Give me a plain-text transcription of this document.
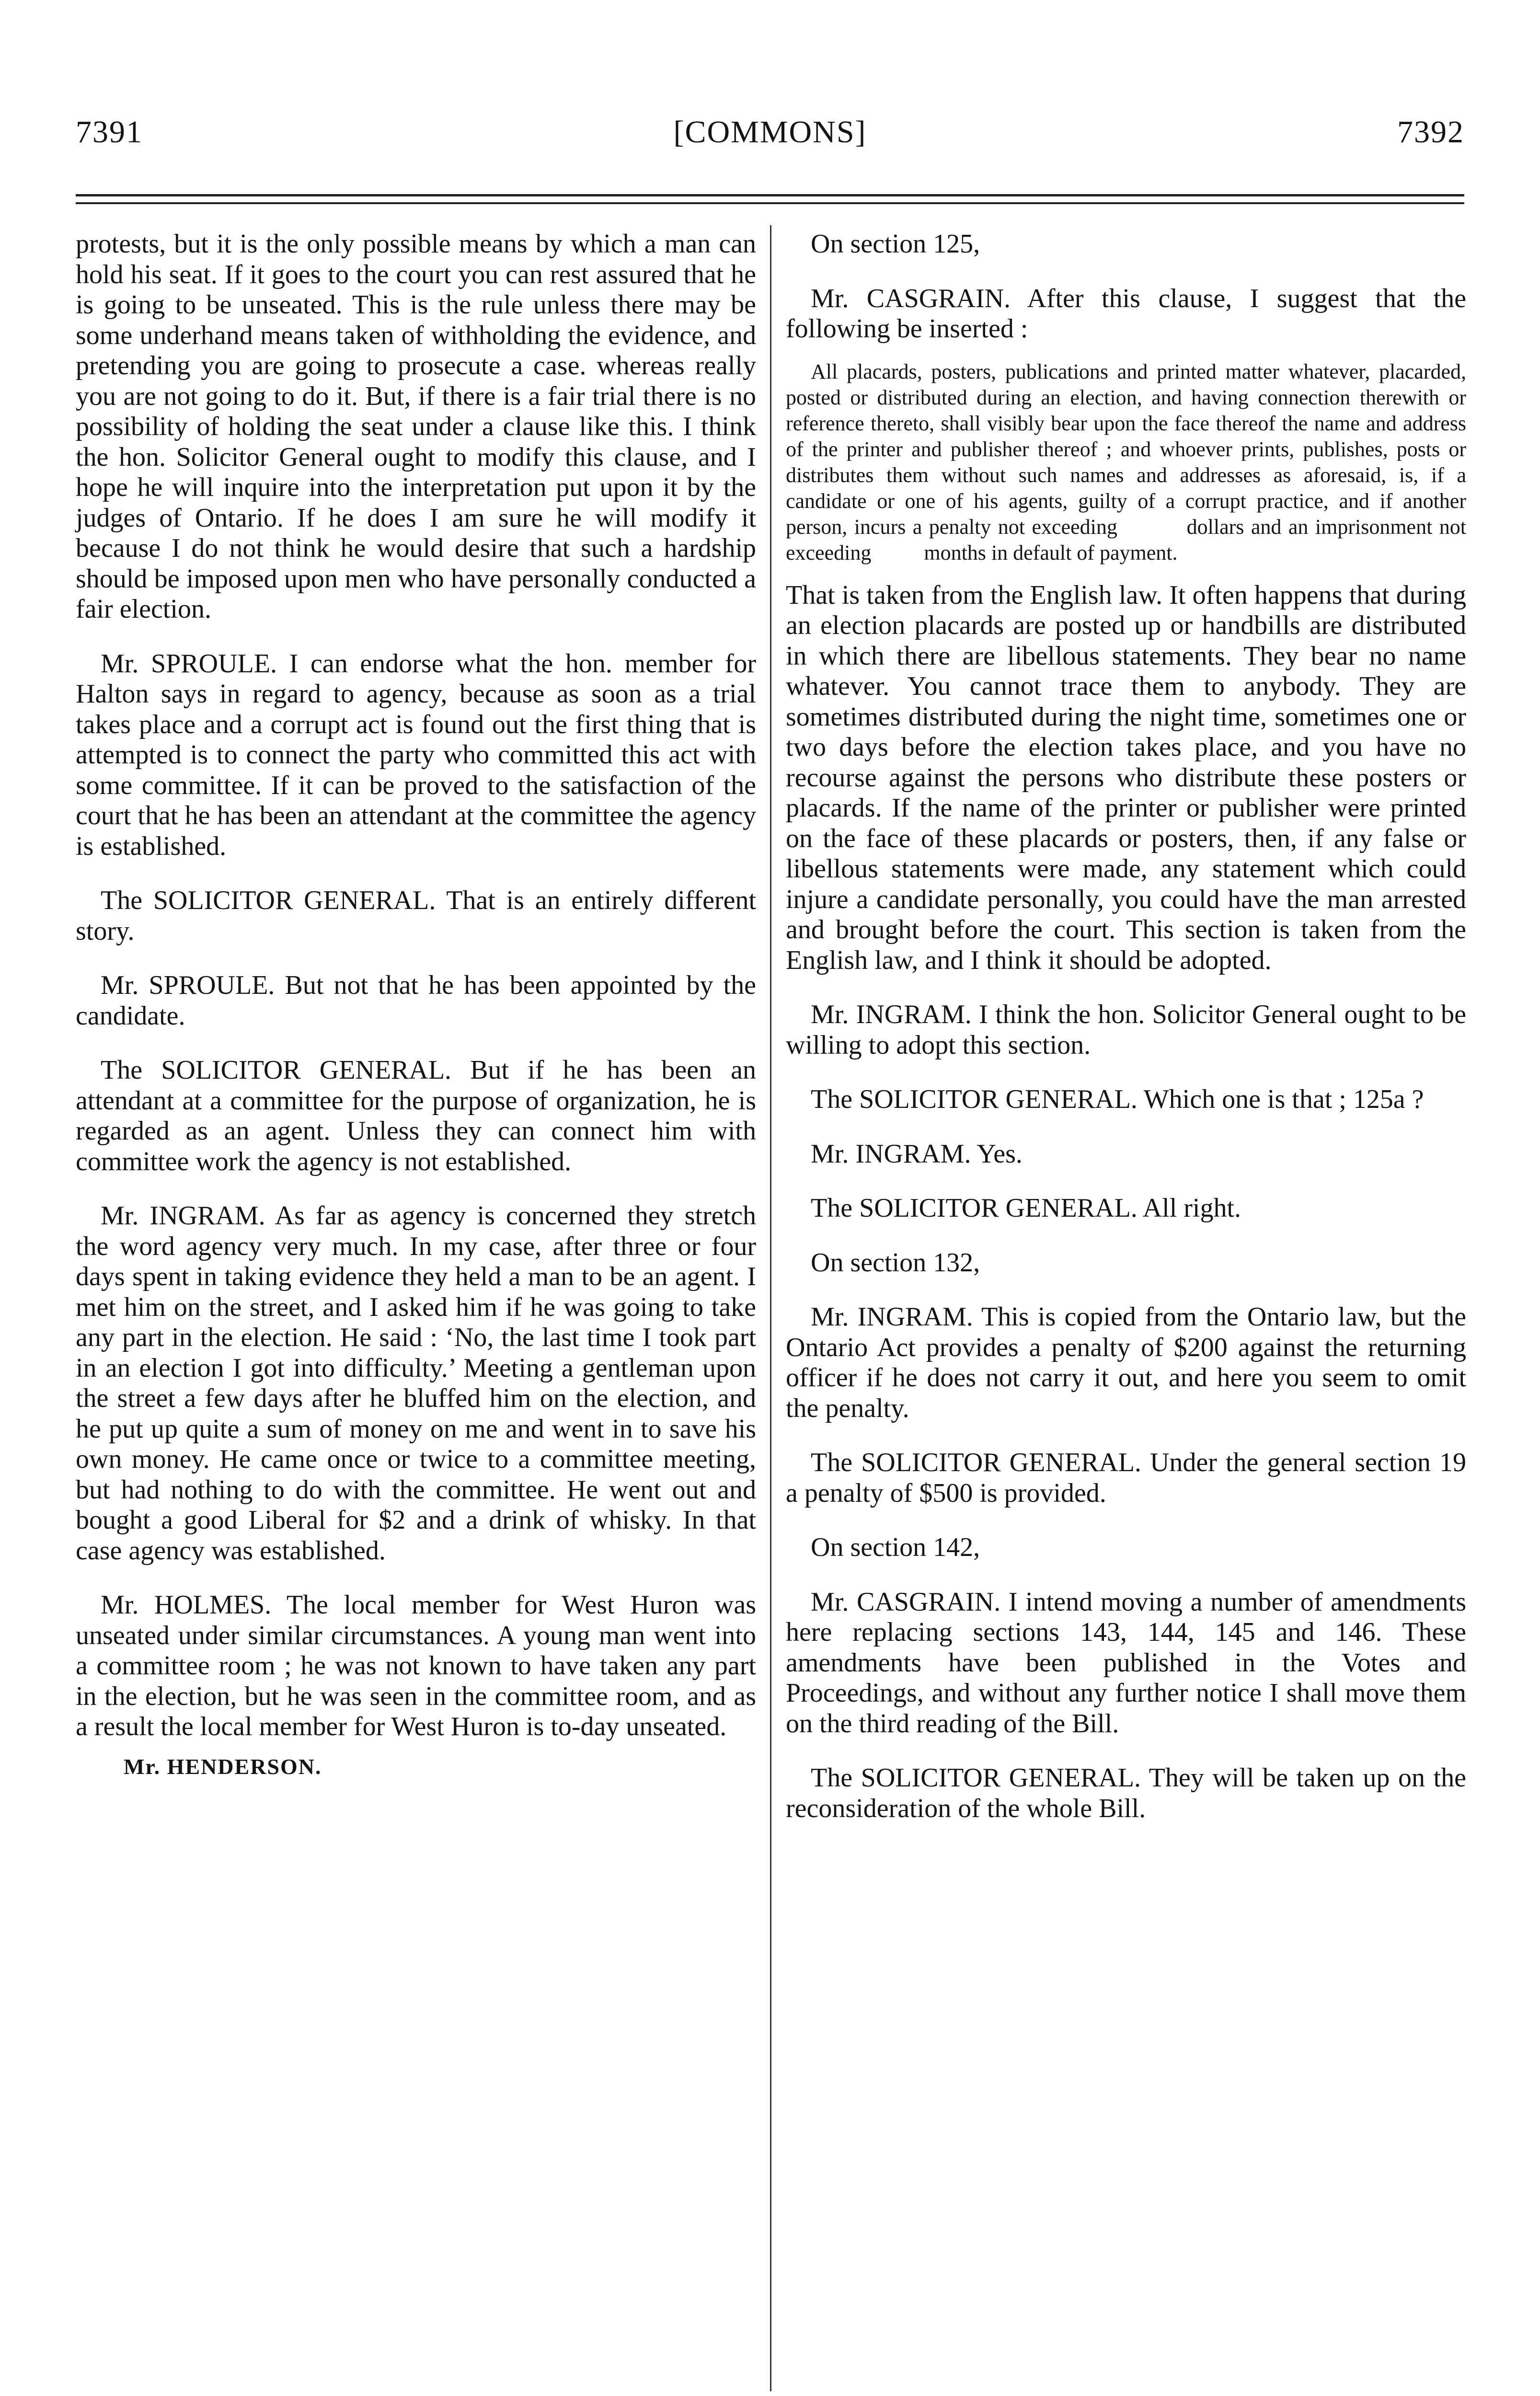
7391	[COMMONS]	7392

protests, but it is the only possible means by which a man can hold his seat. If it goes to the court you can rest assured that he is going to be unseated. This is the rule unless there may be some underhand means taken of withholding the evidence, and pretending you are going to prosecute a case. whereas really you are not going to do it. But, if there is a fair trial there is no possibility of holding the seat under a clause like this. I think the hon. Solicitor General ought to modify this clause, and I hope he will inquire into the interpretation put upon it by the judges of Ontario. If he does I am sure he will modify it because I do not think he would desire that such a hardship should be imposed upon men who have personally conducted a fair election.

Mr. SPROULE. I can endorse what the hon. member for Halton says in regard to agency, because as soon as a trial takes place and a corrupt act is found out the first thing that is attempted is to connect the party who committed this act with some committee. If it can be proved to the satisfaction of the court that he has been an attendant at the committee the agency is established.

The SOLICITOR GENERAL. That is an entirely different story.

Mr. SPROULE. But not that he has been appointed by the candidate.

The SOLICITOR GENERAL. But if he has been an attendant at a committee for the purpose of organization, he is regarded as an agent. Unless they can connect him with committee work the agency is not established.

Mr. INGRAM. As far as agency is concerned they stretch the word agency very much. In my case, after three or four days spent in taking evidence they held a man to be an agent. I met him on the street, and I asked him if he was going to take any part in the election. He said : ‘No, the last time I took part in an election I got into difficulty.’ Meeting a gentleman upon the street a few days after he bluffed him on the election, and he put up quite a sum of money on me and went in to save his own money. He came once or twice to a committee meeting, but had nothing to do with the committee. He went out and bought a good Liberal for $2 and a drink of whisky. In that case agency was established.

Mr. HOLMES. The local member for West Huron was unseated under similar circumstances. A young man went into a committee room ; he was not known to have taken any part in the election, but he was seen in the committee room, and as a result the local member for West Huron is to-day unseated.

Mr. HENDERSON.

On section 125,

Mr. CASGRAIN. After this clause, I suggest that the following be inserted :

All placards, posters, publications and printed matter whatever, placarded, posted or distributed during an election, and having connection therewith or reference thereto, shall visibly bear upon the face thereof the name and address of the printer and publisher thereof ; and whoever prints, publishes, posts or distributes them without such names and addresses as aforesaid, is, if a candidate or one of his agents, guilty of a corrupt practice, and if another person, incurs a penalty not exceeding          dollars and an imprisonment not exceeding          months in default of payment.

That is taken from the English law. It often happens that during an election placards are posted up or handbills are distributed in which there are libellous statements. They bear no name whatever. You cannot trace them to anybody. They are sometimes distributed during the night time, sometimes one or two days before the election takes place, and you have no recourse against the persons who distribute these posters or placards. If the name of the printer or publisher were printed on the face of these placards or posters, then, if any false or libellous statements were made, any statement which could injure a candidate personally, you could have the man arrested and brought before the court. This section is taken from the English law, and I think it should be adopted.

Mr. INGRAM. I think the hon. Solicitor General ought to be willing to adopt this section.

The SOLICITOR GENERAL. Which one is that ; 125a ?

Mr. INGRAM. Yes.

The SOLICITOR GENERAL. All right.

On section 132,

Mr. INGRAM. This is copied from the Ontario law, but the Ontario Act provides a penalty of $200 against the returning officer if he does not carry it out, and here you seem to omit the penalty.

The SOLICITOR GENERAL. Under the general section 19 a penalty of $500 is provided.

On section 142,

Mr. CASGRAIN. I intend moving a number of amendments here replacing sections 143, 144, 145 and 146. These amendments have been published in the Votes and Proceedings, and without any further notice I shall move them on the third reading of the Bill.

The SOLICITOR GENERAL. They will be taken up on the reconsideration of the whole Bill.
